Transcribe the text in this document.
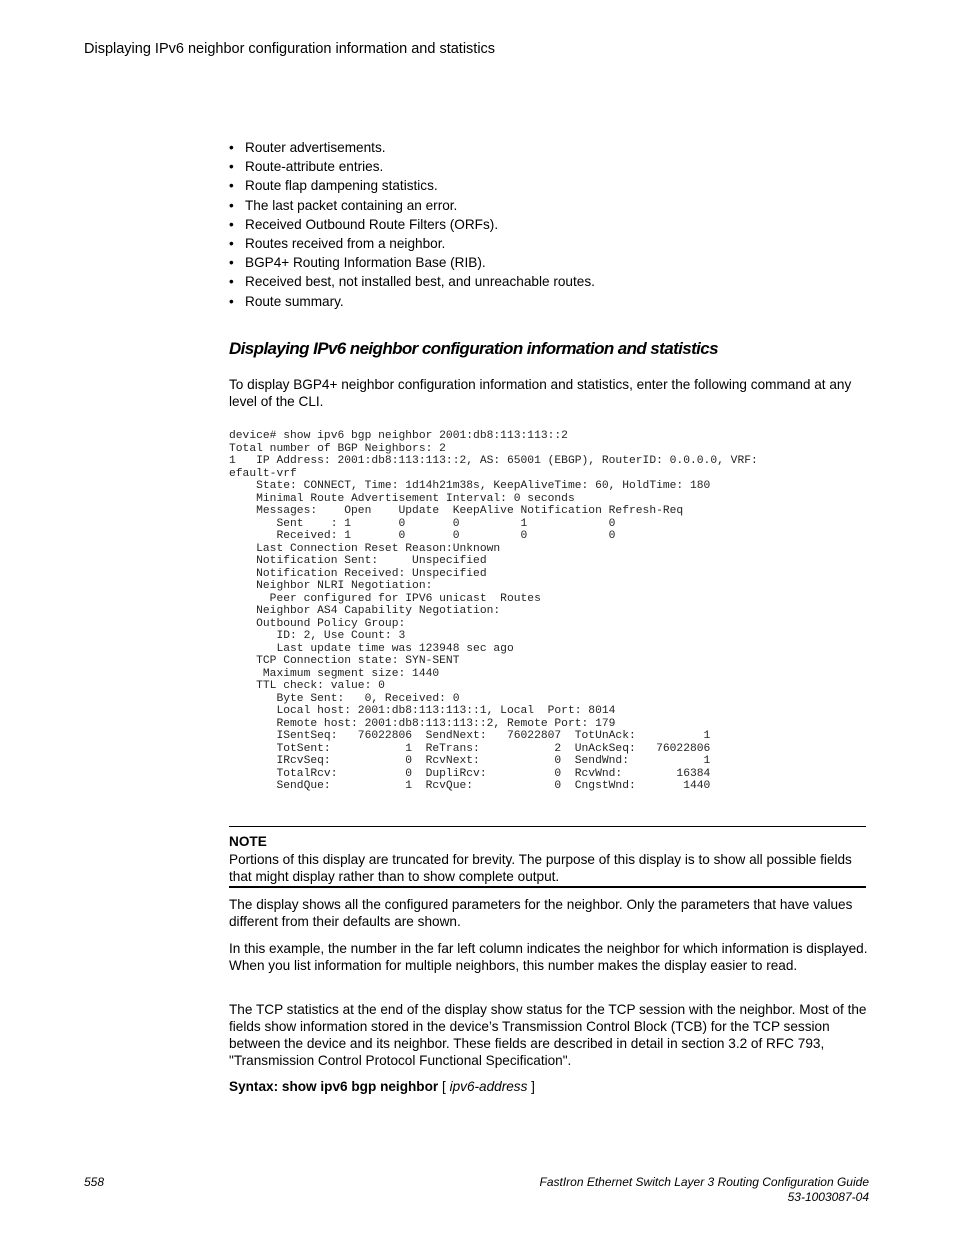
Displaying IPv6 neighbor configuration information and statistics
• Router advertisements.
• Route-attribute entries.
• Route flap dampening statistics.
• The last packet containing an error.
• Received Outbound Route Filters (ORFs).
• Routes received from a neighbor.
• BGP4+ Routing Information Base (RIB).
• Received best, not installed best, and unreachable routes.
• Route summary.
Displaying IPv6 neighbor configuration information and statistics

To display BGP4+ neighbor configuration information and statistics, enter the following command at any level of the CLI.

device# show ipv6 bgp neighbor 2001:db8:113:113::2
Total number of BGP Neighbors: 2
1   IP Address: 2001:db8:113:113::2, AS: 65001 (EBGP), RouterID: 0.0.0.0, VRF:
efault-vrf
State: CONNECT, Time: 1d14h21m38s, KeepAliveTime: 60, HoldTime: 180
Minimal Route Advertisement Interval: 0 seconds
Messages:    Open    Update  KeepAlive Notification Refresh-Req
Sent    : 1       0       0         1            0
Received: 1       0       0         0            0
Last Connection Reset Reason:Unknown
Notification Sent:     Unspecified
Notification Received: Unspecified
Neighbor NLRI Negotiation:
Peer configured for IPV6 unicast  Routes
Neighbor AS4 Capability Negotiation:
Outbound Policy Group:
ID: 2, Use Count: 3
Last update time was 123948 sec ago
TCP Connection state: SYN-SENT
Maximum segment size: 1440
TTL check: value: 0
Byte Sent:   0, Received: 0
Local host: 2001:db8:113:113::1, Local  Port: 8014
Remote host: 2001:db8:113:113::2, Remote Port: 179
ISentSeq:   76022806  SendNext:   76022807  TotUnAck:          1
TotSent:           1  ReTrans:           2  UnAckSeq:   76022806
IRcvSeq:           0  RcvNext:           0  SendWnd:           1
TotalRcv:          0  DupliRcv:          0  RcvWnd:        16384
SendQue:           1  RcvQue:            0  CngstWnd:       1440
NOTE

Portions of this display are truncated for brevity. The purpose of this display is to show all possible fields that might display rather than to show complete output.

The display shows all the configured parameters for the neighbor. Only the parameters that have values different from their defaults are shown.

In this example, the number in the far left column indicates the neighbor for which information is displayed. When you list information for multiple neighbors, this number makes the display easier to read.

The TCP statistics at the end of the display show status for the TCP session with the neighbor. Most of the fields show information stored in the device’s Transmission Control Block (TCB) for the TCP session between the device and its neighbor. These fields are described in detail in section 3.2 of RFC 793, "Transmission Control Protocol Functional Specification".

Syntax: show ipv6 bgp neighbor [ ipv6-address ]
558	FastIron Ethernet Switch Layer 3 Routing Configuration Guide
53-1003087-04
